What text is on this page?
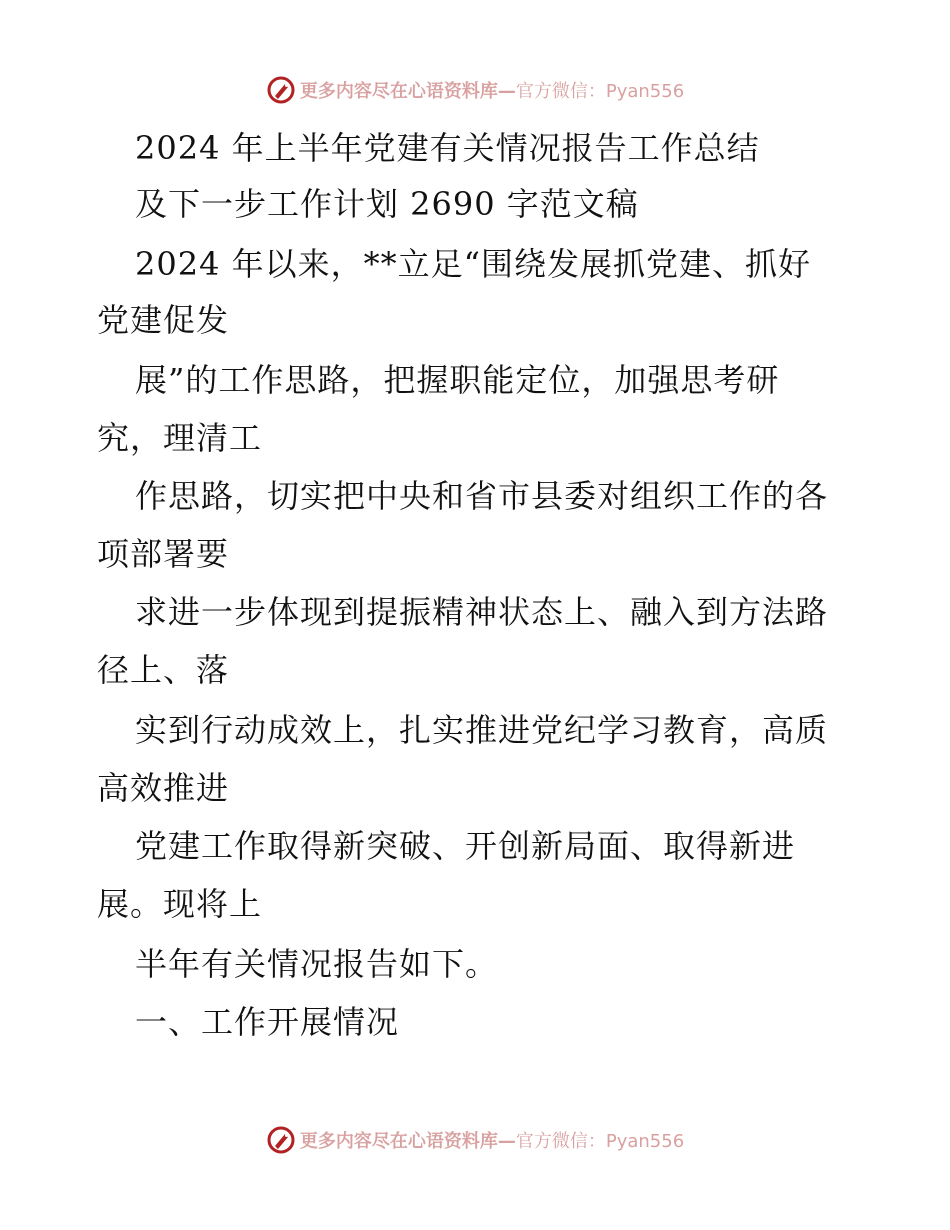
更多内容尽在心语资料库—官方微信：Pyan556
2024 年上半年党建有关情况报告工作总结
及下一步工作计划 2690 字范文稿
2024 年以来，**立足“围绕发展抓党建、抓好
党建促发
展”的工作思路，把握职能定位，加强思考研
究，理清工
作思路，切实把中央和省市县委对组织工作的各
项部署要
求进一步体现到提振精神状态上、融入到方法路
径上、落
实到行动成效上，扎实推进党纪学习教育，高质
高效推进
党建工作取得新突破、开创新局面、取得新进
展。现将上
半年有关情况报告如下。
一、工作开展情况
更多内容尽在心语资料库—官方微信：Pyan556
